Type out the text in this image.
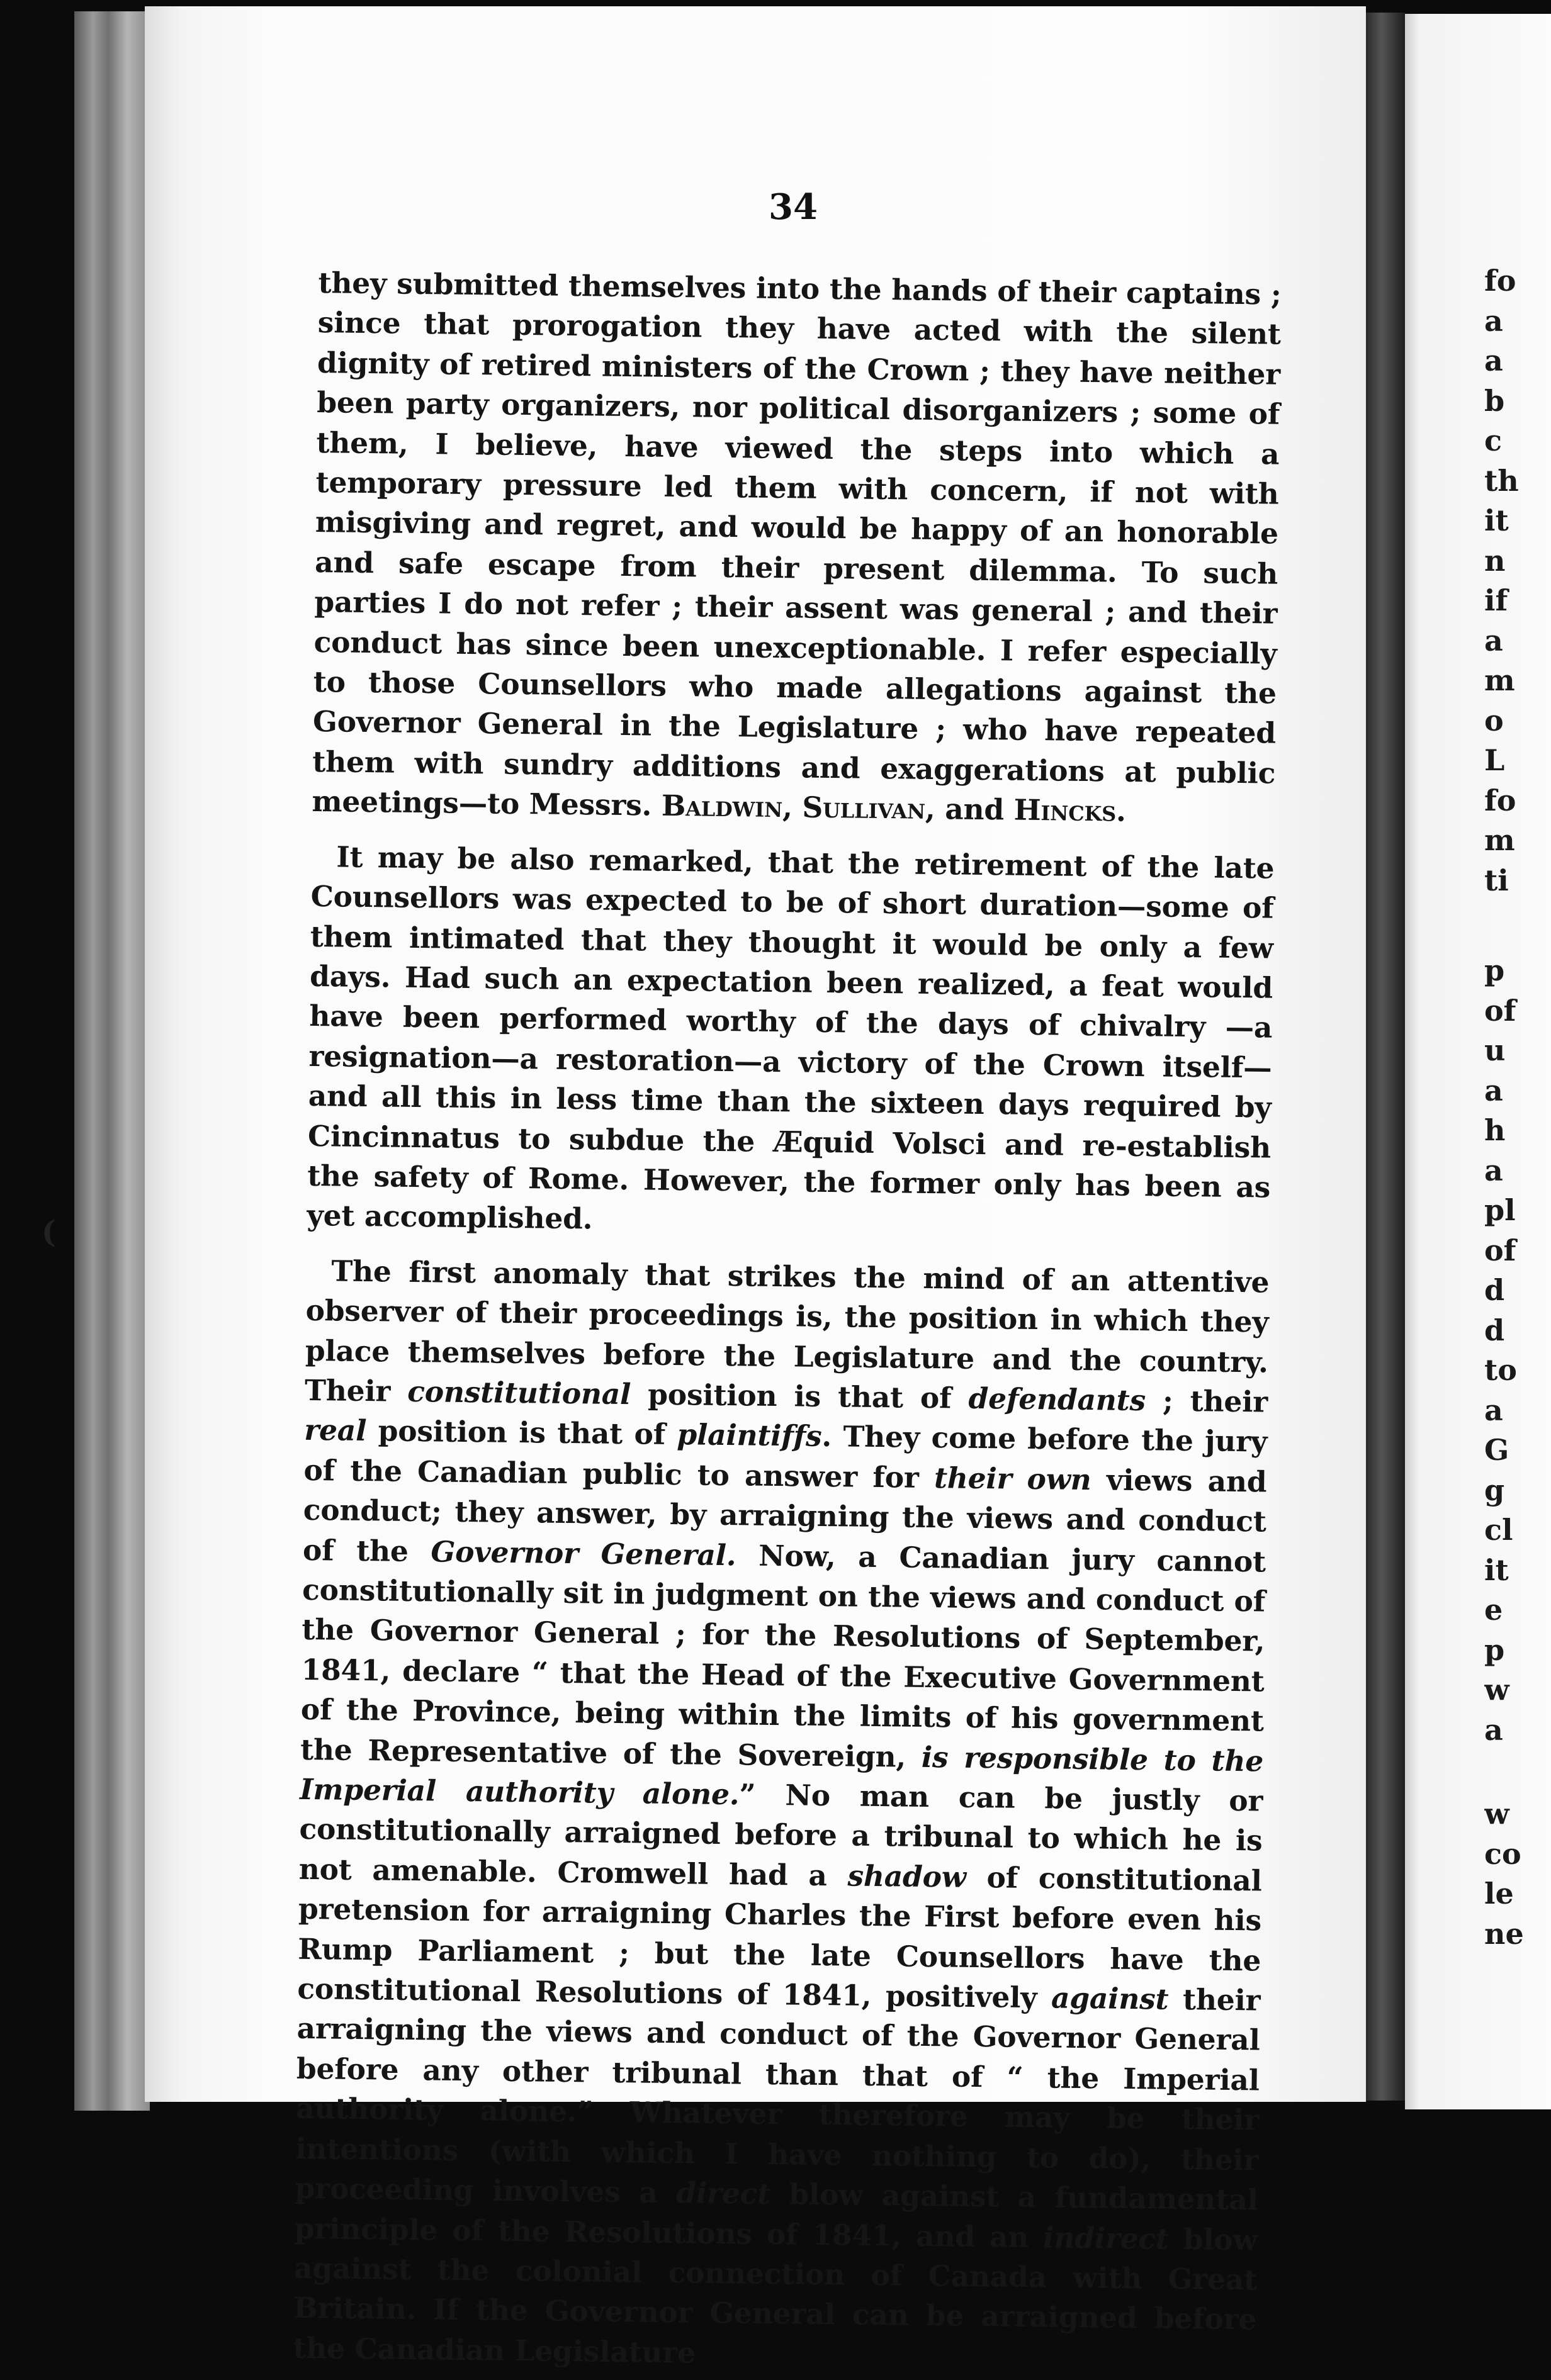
fo
a
a
b
c
th
it
n
if
a
m
o
L
fo
m
ti
p
of
u
a
h
a
pl
of
d
d
to
a
G
g
cl
it
e
p
w
a
w
co
le
ne
34

they submitted themselves into the hands of their captains ; since that prorogation they have acted with the silent dignity of retired ministers of the Crown ; they have neither been party organizers, nor political disorganizers ; some of them, I believe, have viewed the steps into which a temporary pressure led them with concern, if not with misgiving and regret, and would be happy of an honorable and safe escape from their present dilemma. To such parties I do not refer ; their assent was general ; and their conduct has since been unexceptionable. I refer especially to those Counsellors who made allegations against the Governor General in the Legislature ; who have repeated them with sundry additions and exaggerations at public meetings—to Messrs. Baldwin, Sullivan, and Hincks.

It may be also remarked, that the retirement of the late Counsellors was expected to be of short duration—some of them intimated that they thought it would be only a few days. Had such an expectation been realized, a feat would have been performed worthy of the days of chivalry —a resignation—a restoration—a victory of the Crown itself—and all this in less time than the sixteen days required by Cincinnatus to subdue the Æquid Volsci and re-establish the safety of Rome. However, the former only has been as yet accomplished.

The first anomaly that strikes the mind of an attentive observer of their proceedings is, the position in which they place themselves before the Legislature and the country. Their constitutional position is that of defendants ; their real position is that of plaintiffs. They come before the jury of the Canadian public to answer for their own views and conduct; they answer, by arraigning the views and conduct of the Governor General. Now, a Canadian jury cannot constitutionally sit in judgment on the views and conduct of the Governor General ; for the Resolutions of September, 1841, declare “ that the Head of the Executive Government of the Province, being within the limits of his government the Representative of the Sovereign, is responsible to the Imperial authority alone.” No man can be justly or constitutionally arraigned before a tribunal to which he is not amenable. Cromwell had a shadow of constitutional pretension for arraigning Charles the First before even his Rump Parliament ; but the late Counsellors have the constitutional Resolutions of 1841, positively against their arraigning the views and conduct of the Governor General before any other tribunal than that of “ the Imperial authority alone.” Whatever therefore may be their intentions (with which I have nothing to do), their proceeding involves a direct blow against a fundamental principle of the Resolutions of 1841, and an indirect blow against the colonial connection of Canada with Great Britain. If the Governor General can be arraigned before the Canadian Legislature

(
